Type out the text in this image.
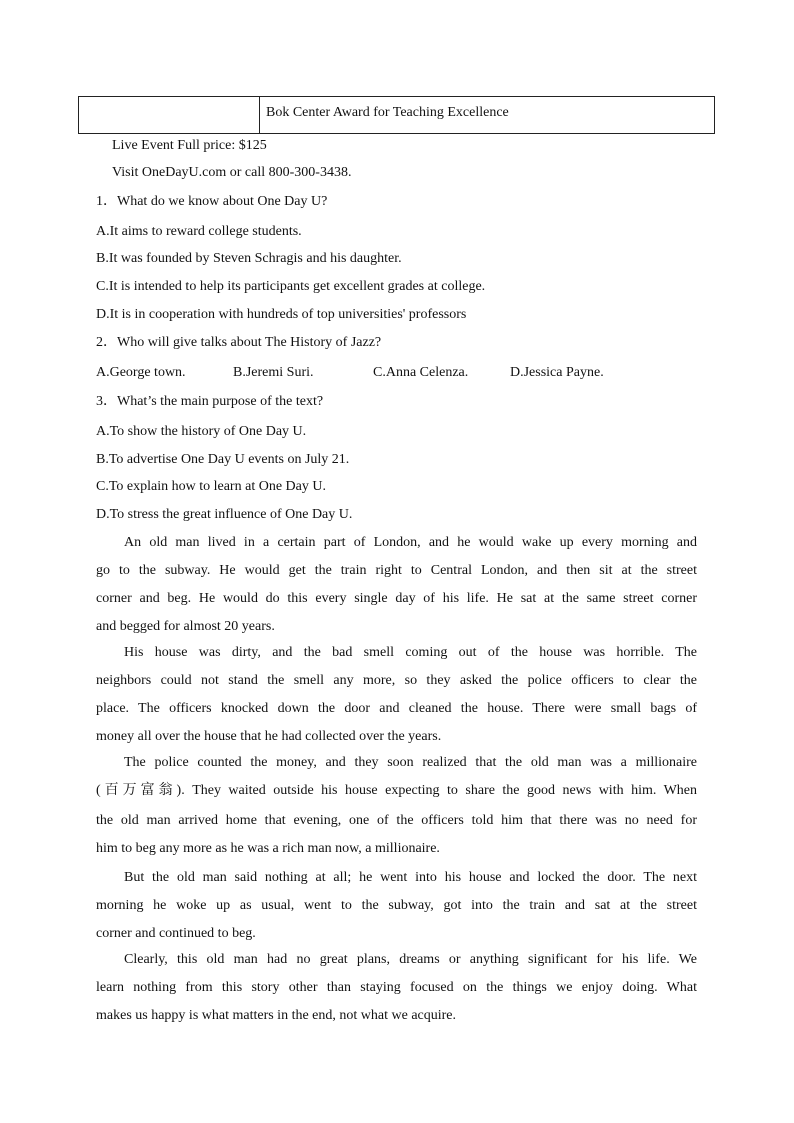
Bok Center Award for Teaching Excellence
Live Event Full price: $125
Visit OneDayU.com or call 800-300-3438.
1．What do we know about One Day U?
A.It aims to reward college students.
B.It was founded by Steven Schragis and his daughter.
C.It is intended to help its participants get excellent grades at college.
D.It is in cooperation with hundreds of top universities' professors
2．Who will give talks about The History of Jazz?
A.George town.	B.Jeremi Suri.	C.Anna Celenza.	D.Jessica Payne.
3．What’s the main purpose of the text?
A.To show the history of One Day U.
B.To advertise One Day U events on July 21.
C.To explain how to learn at One Day U.
D.To stress the great influence of One Day U.
An old man lived in a certain part of London, and he would wake up every morning and
go to the subway. He would get the train right to Central London, and then sit at the street
corner and beg. He would do this every single day of his life. He sat at the same street corner
and begged for almost 20 years.
His house was dirty, and the bad smell coming out of the house was horrible. The
neighbors could not stand the smell any more, so they asked the police officers to clear the
place. The officers knocked down the door and cleaned the house. There were small bags of
money all over the house that he had collected over the years.
The police counted the money, and they soon realized that the old man was a millionaire
(百万富翁). They waited outside his house expecting to share the good news with him. When
the old man arrived home that evening, one of the officers told him that there was no need for
him to beg any more as he was a rich man now, a millionaire.
But the old man said nothing at all; he went into his house and locked the door. The next
morning he woke up as usual, went to the subway, got into the train and sat at the street
corner and continued to beg.
Clearly, this old man had no great plans, dreams or anything significant for his life. We
learn nothing from this story other than staying focused on the things we enjoy doing. What
makes us happy is what matters in the end, not what we acquire.
